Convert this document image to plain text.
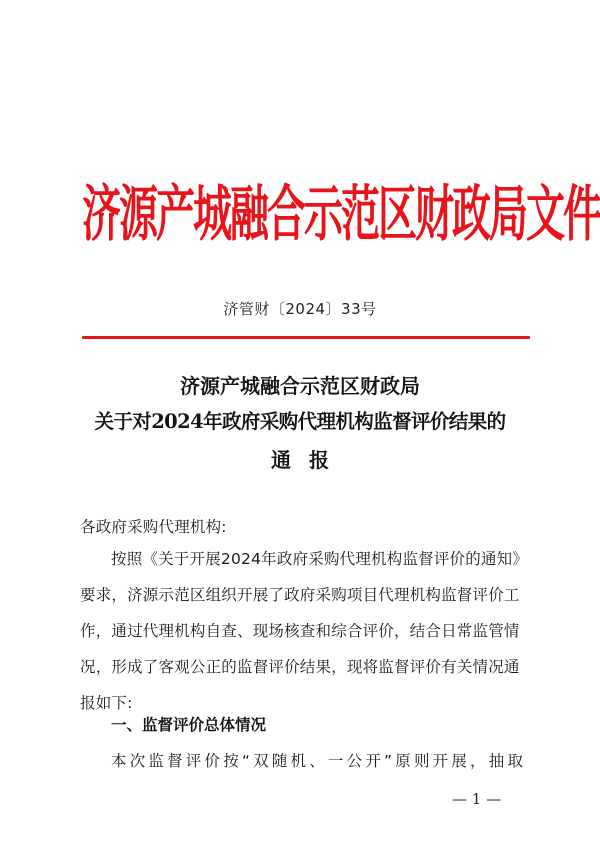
济源产城融合示范区财政局文件
济管财〔2024〕33号
济源产城融合示范区财政局
关于对2024年政府采购代理机构监督评价结果的
通报
各政府采购代理机构:
按照《关于开展2024年政府采购代理机构监督评价的通知》
要求，济源示范区组织开展了政府采购项目代理机构监督评价工
作，通过代理机构自查、现场核查和综合评价，结合日常监管情
况，形成了客观公正的监督评价结果，现将监督评价有关情况通
报如下:
一、监督评价总体情况
本次监督评价按“双随机、一公开”原则开展，抽取
— 1 —
